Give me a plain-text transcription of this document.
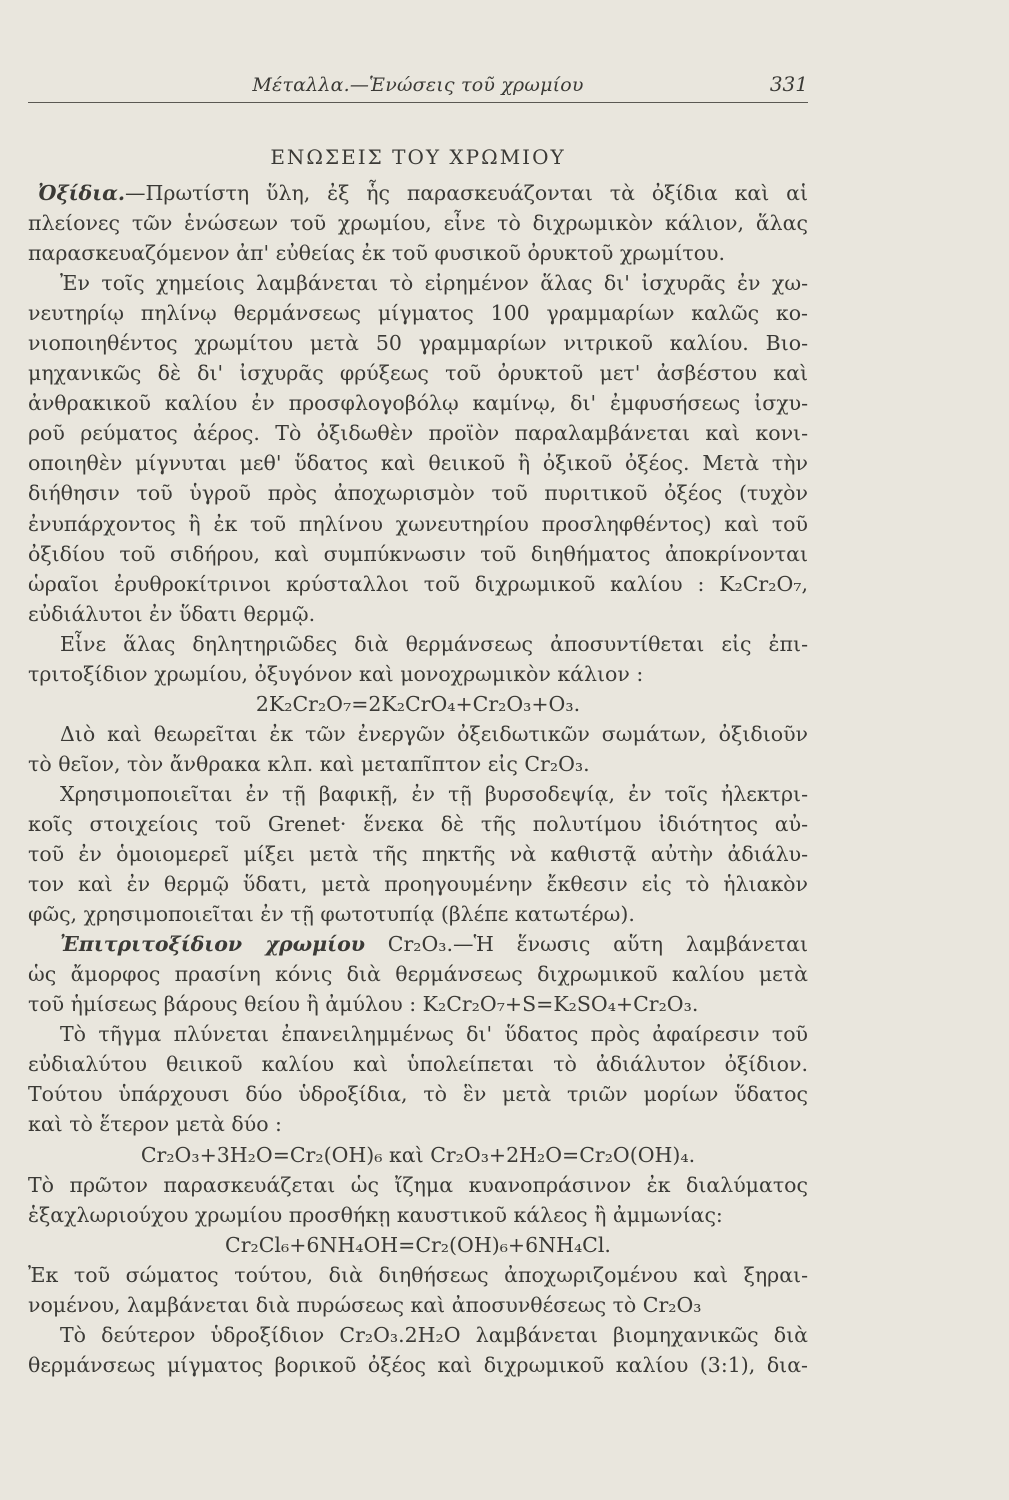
Μέταλλα.—Ἑνώσεις τοῦ χρωμίου	331
ΕΝΩΣΕΙΣ ΤΟΥ ΧΡΩΜΙΟΥ
Ὀξίδια.—Πρωτίστη ὕλη, ἐξ ἧς παρασκευάζονται τὰ ὀξίδια καὶ αἱ
πλείονες τῶν ἑνώσεων τοῦ χρωμίου, εἶνε τὸ διχρωμικὸν κάλιον, ἅλας
παρασκευαζόμενον ἀπ' εὐθείας ἐκ τοῦ φυσικοῦ ὀρυκτοῦ χρωμίτου.
Ἐν τοῖς χημείοις λαμβάνεται τὸ εἰρημένον ἅλας δι' ἰσχυρᾶς ἐν χω-
νευτηρίῳ πηλίνῳ θερμάνσεως μίγματος 100 γραμμαρίων καλῶς κο-
νιοποιηθέντος χρωμίτου μετὰ 50 γραμμαρίων νιτρικοῦ καλίου. Βιο-
μηχανικῶς δὲ δι' ἰσχυρᾶς φρύξεως τοῦ ὀρυκτοῦ μετ' ἀσβέστου καὶ
ἀνθρακικοῦ καλίου ἐν προσφλογοβόλῳ καμίνῳ, δι' ἐμφυσήσεως ἰσχυ-
ροῦ ρεύματος ἀέρος. Τὸ ὀξιδωθὲν προϊὸν παραλαμβάνεται καὶ κονι-
οποιηθὲν μίγνυται μεθ' ὕδατος καὶ θειικοῦ ἢ ὀξικοῦ ὀξέος. Μετὰ τὴν
διήθησιν τοῦ ὑγροῦ πρὸς ἀποχωρισμὸν τοῦ πυριτικοῦ ὀξέος (τυχὸν
ἐνυπάρχοντος ἢ ἐκ τοῦ πηλίνου χωνευτηρίου προσληφθέντος) καὶ τοῦ
ὀξιδίου τοῦ σιδήρου, καὶ συμπύκνωσιν τοῦ διηθήματος ἀποκρίνονται
ὡραῖοι ἐρυθροκίτρινοι κρύσταλλοι τοῦ διχρωμικοῦ καλίου : K₂Cr₂O₇,
εὐδιάλυτοι ἐν ὕδατι θερμῷ.
Εἶνε ἅλας δηλητηριῶδες διὰ θερμάνσεως ἀποσυντίθεται εἰς ἐπι-
τριτοξίδιον χρωμίου, ὀξυγόνον καὶ μονοχρωμικὸν κάλιον :
2K₂Cr₂O₇=2K₂CrO₄+Cr₂O₃+O₃.
Διὸ καὶ θεωρεῖται ἐκ τῶν ἐνεργῶν ὀξειδωτικῶν σωμάτων, ὀξιδιοῦν
τὸ θεῖον, τὸν ἄνθρακα κλπ. καὶ μεταπῖπτον εἰς Cr₂O₃.
Χρησιμοποιεῖται ἐν τῇ βαφικῇ, ἐν τῇ βυρσοδεψίᾳ, ἐν τοῖς ἠλεκτρι-
κοῖς στοιχείοις τοῦ Grenet· ἕνεκα δὲ τῆς πολυτίμου ἰδιότητος αὐ-
τοῦ ἐν ὁμοιομερεῖ μίξει μετὰ τῆς πηκτῆς νὰ καθιστᾷ αὐτὴν ἀδιάλυ-
τον καὶ ἐν θερμῷ ὕδατι, μετὰ προηγουμένην ἔκθεσιν εἰς τὸ ἡλιακὸν
φῶς, χρησιμοποιεῖται ἐν τῇ φωτοτυπίᾳ (βλέπε κατωτέρω).
Ἐπιτριτοξίδιον χρωμίου Cr₂O₃.—Ἡ ἕνωσις αὕτη λαμβάνεται
ὡς ἄμορφος πρασίνη κόνις διὰ θερμάνσεως διχρωμικοῦ καλίου μετὰ
τοῦ ἡμίσεως βάρους θείου ἢ ἀμύλου : K₂Cr₂O₇+S=K₂SO₄+Cr₂O₃.
Τὸ τῆγμα πλύνεται ἐπανειλημμένως δι' ὕδατος πρὸς ἀφαίρεσιν τοῦ
εὐδιαλύτου θειικοῦ καλίου καὶ ὑπολείπεται τὸ ἀδιάλυτον ὀξίδιον.
Τούτου ὑπάρχουσι δύο ὑδροξίδια, τὸ ἓν μετὰ τριῶν μορίων ὕδατος
καὶ τὸ ἕτερον μετὰ δύο :
Cr₂O₃+3H₂O=Cr₂(OH)₆ καὶ Cr₂O₃+2H₂O=Cr₂O(OH)₄.
Τὸ πρῶτον παρασκευάζεται ὡς ἴζημα κυανοπράσινον ἐκ διαλύματος
ἑξαχλωριούχου χρωμίου προσθήκῃ καυστικοῦ κάλεος ἢ ἀμμωνίας:
Cr₂Cl₆+6NH₄OH=Cr₂(OH)₆+6NH₄Cl.
Ἐκ τοῦ σώματος τούτου, διὰ διηθήσεως ἀποχωριζομένου καὶ ξηραι-
νομένου, λαμβάνεται διὰ πυρώσεως καὶ ἀποσυνθέσεως τὸ Cr₂O₃
Τὸ δεύτερον ὑδροξίδιον Cr₂O₃.2H₂O λαμβάνεται βιομηχανικῶς διὰ
θερμάνσεως μίγματος βορικοῦ ὀξέος καὶ διχρωμικοῦ καλίου (3:1), δια-
